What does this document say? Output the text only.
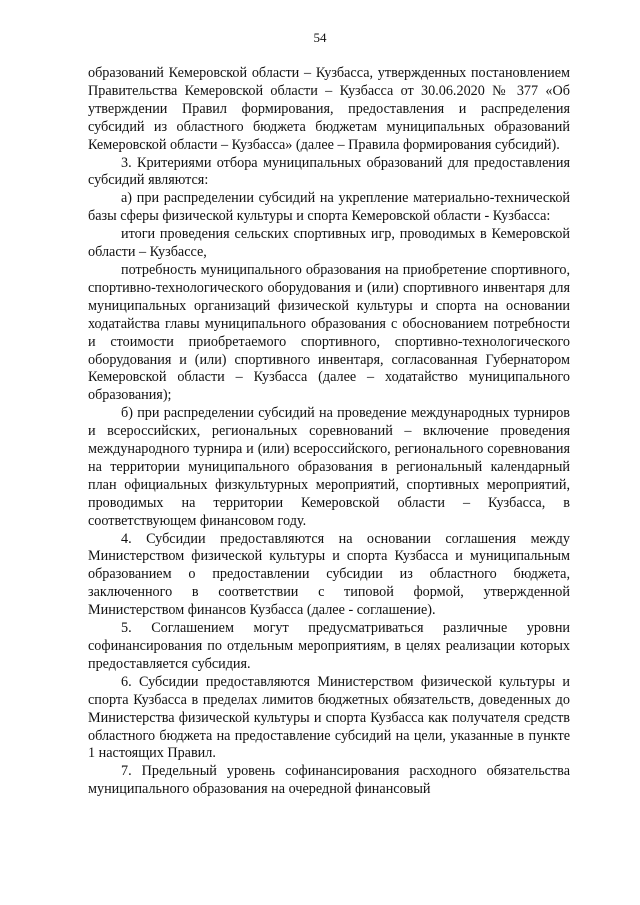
54

образований Кемеровской области – Кузбасса, утвержденных постановлением Правительства Кемеровской области – Кузбасса от 30.06.2020 № 377 «Об утверждении Правил формирования, предоставления и распределения субсидий из областного бюджета бюджетам муниципальных образований Кемеровской области – Кузбасса» (далее – Правила формирования субсидий).

3. Критериями отбора муниципальных образований для предоставления субсидий являются:

а) при распределении субсидий на укрепление материально-технической базы сферы физической культуры и спорта Кемеровской области - Кузбасса:

итоги проведения сельских спортивных игр, проводимых в Кемеровской области – Кузбассе,

потребность муниципального образования на приобретение спортивного, спортивно-технологического оборудования и (или) спортивного инвентаря для муниципальных организаций физической культуры и спорта на основании ходатайства главы муниципального образования с обоснованием потребности и стоимости приобретаемого спортивного, спортивно-технологического оборудования и (или) спортивного инвентаря, согласованная Губернатором Кемеровской области – Кузбасса (далее – ходатайство муниципального образования);

б) при распределении субсидий на проведение международных турниров и всероссийских, региональных соревнований – включение проведения международного турнира и (или) всероссийского, регионального соревнования на территории муниципального образования в региональный календарный план официальных физкультурных мероприятий, спортивных мероприятий, проводимых на территории Кемеровской области – Кузбасса, в соответствующем финансовом году.

4. Субсидии предоставляются на основании соглашения между Министерством физической культуры и спорта Кузбасса и муниципальным образованием о предоставлении субсидии из областного бюджета, заключенного в соответствии с типовой формой, утвержденной Министерством финансов Кузбасса (далее - соглашение).

5. Соглашением могут предусматриваться различные уровни софинансирования по отдельным мероприятиям, в целях реализации которых предоставляется субсидия.

6. Субсидии предоставляются Министерством физической культуры и спорта Кузбасса в пределах лимитов бюджетных обязательств, доведенных до Министерства физической культуры и спорта Кузбасса как получателя средств областного бюджета на предоставление субсидий на цели, указанные в пункте 1 настоящих Правил.

7. Предельный уровень софинансирования расходного обязательства муниципального образования на очередной финансовый
